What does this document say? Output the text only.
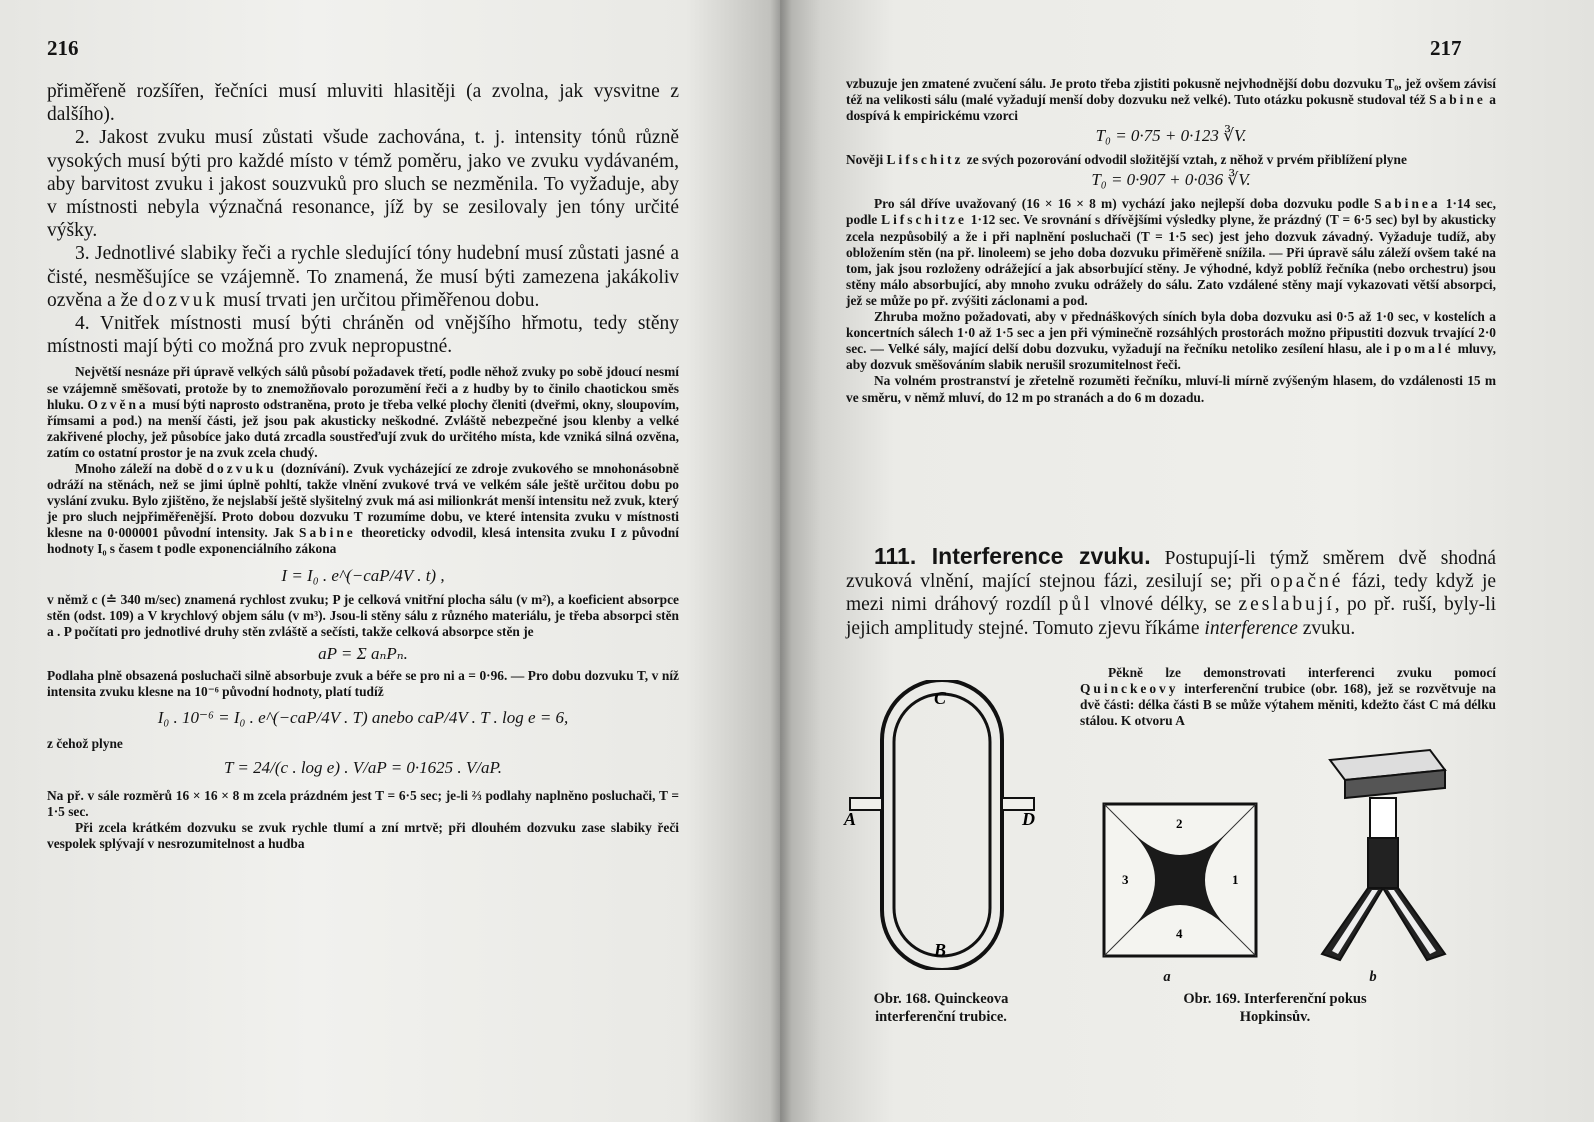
216

přiměřeně rozšířen, řečníci musí mluviti hlasitěji (a zvolna, jak vysvitne z dalšího).

2. Jakost zvuku musí zůstati všude zachována, t. j. intensity tónů různě vysokých musí býti pro každé místo v témž poměru, jako ve zvuku vydávaném, aby barvitost zvuku i jakost souzvuků pro sluch se nezměnila. To vyžaduje, aby v místnosti nebyla význačná resonance, jíž by se zesilovaly jen tóny určité výšky.

3. Jednotlivé slabiky řeči a rychle sledující tóny hudební musí zůstati jasné a čisté, nesměšujíce se vzájemně. To znamená, že musí býti zamezena jakákoliv ozvěna a že dozvuk musí trvati jen určitou přiměřenou dobu.

4. Vnitřek místnosti musí býti chráněn od vnějšího hřmotu, tedy stěny místnosti mají býti co možná pro zvuk nepropustné.

Největší nesnáze při úpravě velkých sálů působí požadavek třetí, podle něhož zvuky po sobě jdoucí nesmí se vzájemně směšovati, protože by to znemožňovalo porozumění řeči a z hudby by to činilo chaotickou směs hluku. Ozvěna musí býti naprosto odstraněna, proto je třeba velké plochy členiti (dveřmi, okny, sloupovím, římsami a pod.) na menší části, jež jsou pak akusticky neškodné. Zvláště nebezpečné jsou klenby a velké zakřivené plochy, jež působíce jako dutá zrcadla soustřeďují zvuk do určitého místa, kde vzniká silná ozvěna, zatím co ostatní prostor je na zvuk zcela chudý.

Mnoho záleží na době dozvuku (doznívání). Zvuk vycházející ze zdroje zvukového se mnohonásobně odráží na stěnách, než se jimi úplně pohltí, takže vlnění zvukové trvá ve velkém sále ještě určitou dobu po vyslání zvuku. Bylo zjištěno, že nejslabší ještě slyšitelný zvuk má asi milionkrát menší intensitu než zvuk, který je pro sluch nejpřiměřenější. Proto dobou dozvuku T rozumíme dobu, ve které intensita zvuku v místnosti klesne na 0·000001 původní intensity. Jak Sabine theoreticky odvodil, klesá intensita zvuku I z původní hodnoty I₀ s časem t podle exponenciálního zákona

I = I₀ . e^(−caP/4V . t) ,

v němž c (≐ 340 m/sec) znamená rychlost zvuku; P je celková vnitřní plocha sálu (v m²), a koeficient absorpce stěn (odst. 109) a V krychlový objem sálu (v m³). Jsou-li stěny sálu z různého materiálu, je třeba absorpci stěn a . P počítati pro jednotlivé druhy stěn zvláště a sečísti, takže celková absorpce stěn je

aP = Σ aₙPₙ.

Podlaha plně obsazená posluchači silně absorbuje zvuk a béře se pro ni a = 0·96. — Pro dobu dozvuku T, v níž intensita zvuku klesne na 10⁻⁶ původní hodnoty, platí tudíž

I₀ . 10⁻⁶ = I₀ . e^(−caP/4V . T) anebo caP/4V . T . log e = 6,

z čehož plyne

T = 24/(c . log e) . V/aP = 0·1625 . V/aP.

Na př. v sále rozměrů 16 × 16 × 8 m zcela prázdném jest T = 6·5 sec; je-li ⅔ podlahy naplněno posluchači, T = 1·5 sec.

Při zcela krátkém dozvuku se zvuk rychle tlumí a zní mrtvě; při dlouhém dozvuku zase slabiky řeči vespolek splývají v nesrozumitelnost a hudba

217

vzbuzuje jen zmatené zvučení sálu. Je proto třeba zjistiti pokusně nejvhodnější dobu dozvuku T₀, jež ovšem závisí též na velikosti sálu (malé vyžadují menší doby dozvuku než velké). Tuto otázku pokusně studoval též Sabine a dospívá k empirickému vzorci

T₀ = 0·75 + 0·123 ∛V.

Nověji Lifschitz ze svých pozorování odvodil složitější vztah, z něhož v prvém přiblížení plyne

T₀ = 0·907 + 0·036 ∛V.

Pro sál dříve uvažovaný (16 × 16 × 8 m) vychází jako nejlepší doba dozvuku podle Sabinea 1·14 sec, podle Lifschitze 1·12 sec. Ve srovnání s dřívějšími výsledky plyne, že prázdný (T = 6·5 sec) byl by akusticky zcela nezpůsobilý a že i při naplnění posluchači (T = 1·5 sec) jest jeho dozvuk závadný. Vyžaduje tudíž, aby obložením stěn (na př. linoleem) se jeho doba dozvuku přiměřeně snížila. — Při úpravě sálu záleží ovšem také na tom, jak jsou rozloženy odrážející a jak absorbující stěny. Je výhodné, když poblíž řečníka (nebo orchestru) jsou stěny málo absorbující, aby mnoho zvuku odrážely do sálu. Zato vzdálené stěny mají vykazovati větší absorpci, jež se může po př. zvýšiti záclonami a pod.

Zhruba možno požadovati, aby v přednáškových síních byla doba dozvuku asi 0·5 až 1·0 sec, v kostelích a koncertních sálech 1·0 až 1·5 sec a jen při výminečně rozsáhlých prostorách možno připustiti dozvuk trvající 2·0 sec. — Velké sály, mající delší dobu dozvuku, vyžadují na řečníku netoliko zesílení hlasu, ale i pomalé mluvy, aby dozvuk směšováním slabik nerušil srozumitelnost řeči.

Na volném prostranství je zřetelně rozuměti řečníku, mluví-li mírně zvýšeným hlasem, do vzdálenosti 15 m ve směru, v němž mluví, do 12 m po stranách a do 6 m dozadu.

111. Interference zvuku. Postupují-li týmž směrem dvě shodná zvuková vlnění, mající stejnou fázi, zesilují se; při opačné fázi, tedy když je mezi nimi dráhový rozdíl půl vlnové délky, se zeslabují, po př. ruší, byly-li jejich amplitudy stejné. Tomuto zjevu říkáme interference zvuku.

Pěkně lze demonstrovati interferenci zvuku pomocí Quinckeovy interferenční trubice (obr. 168), jež se rozvětvuje na dvě části: délka části B se může výtahem měniti, kdežto část C má délku stálou. K otvoru A

C
A	D
B
2
3	1
4
a	b
Obr. 168. Quinckeova
interferenční trubice.
Obr. 169. Interferenční pokus
Hopkinsův.
